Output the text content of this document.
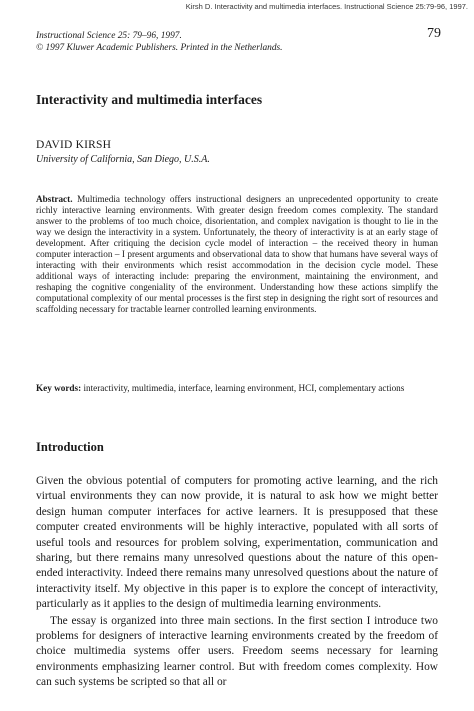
Kirsh D. Interactivity and multimedia interfaces. Instructional Science 25:79-96, 1997.
Instructional Science 25: 79–96, 1997.
© 1997 Kluwer Academic Publishers. Printed in the Netherlands.
79
Interactivity and multimedia interfaces
DAVID KIRSH
University of California, San Diego, U.S.A.

Abstract. Multimedia technology offers instructional designers an unprecedented opportunity to create richly interactive learning environments. With greater design freedom comes complexity. The standard answer to the problems of too much choice, disorientation, and complex navigation is thought to lie in the way we design the interactivity in a system. Unfortunately, the theory of interactivity is at an early stage of development. After critiquing the decision cycle model of interaction – the received theory in human computer interaction – I present arguments and observational data to show that humans have several ways of interacting with their environments which resist accommodation in the decision cycle model. These additional ways of interacting include: preparing the environment, maintaining the environment, and reshaping the cognitive congeniality of the environment. Understanding how these actions simplify the computational complexity of our mental processes is the first step in designing the right sort of resources and scaffolding necessary for tractable learner controlled learning environments.

Key words: interactivity, multimedia, interface, learning environment, HCI, complementary actions

Introduction

Given the obvious potential of computers for promoting active learning, and the rich virtual environments they can now provide, it is natural to ask how we might better design human computer interfaces for active learners. It is presupposed that these computer created environments will be highly interactive, populated with all sorts of useful tools and resources for problem solving, experimentation, communication and sharing, but there remains many unresolved questions about the nature of this open-ended interactivity. Indeed there remains many unresolved questions about the nature of interactivity itself. My objective in this paper is to explore the concept of interactivity, particularly as it applies to the design of multimedia learning environments.

The essay is organized into three main sections. In the first section I introduce two problems for designers of interactive learning environments created by the freedom of choice multimedia systems offer users. Freedom seems necessary for learning environments emphasizing learner control. But with freedom comes complexity. How can such systems be scripted so that all or
